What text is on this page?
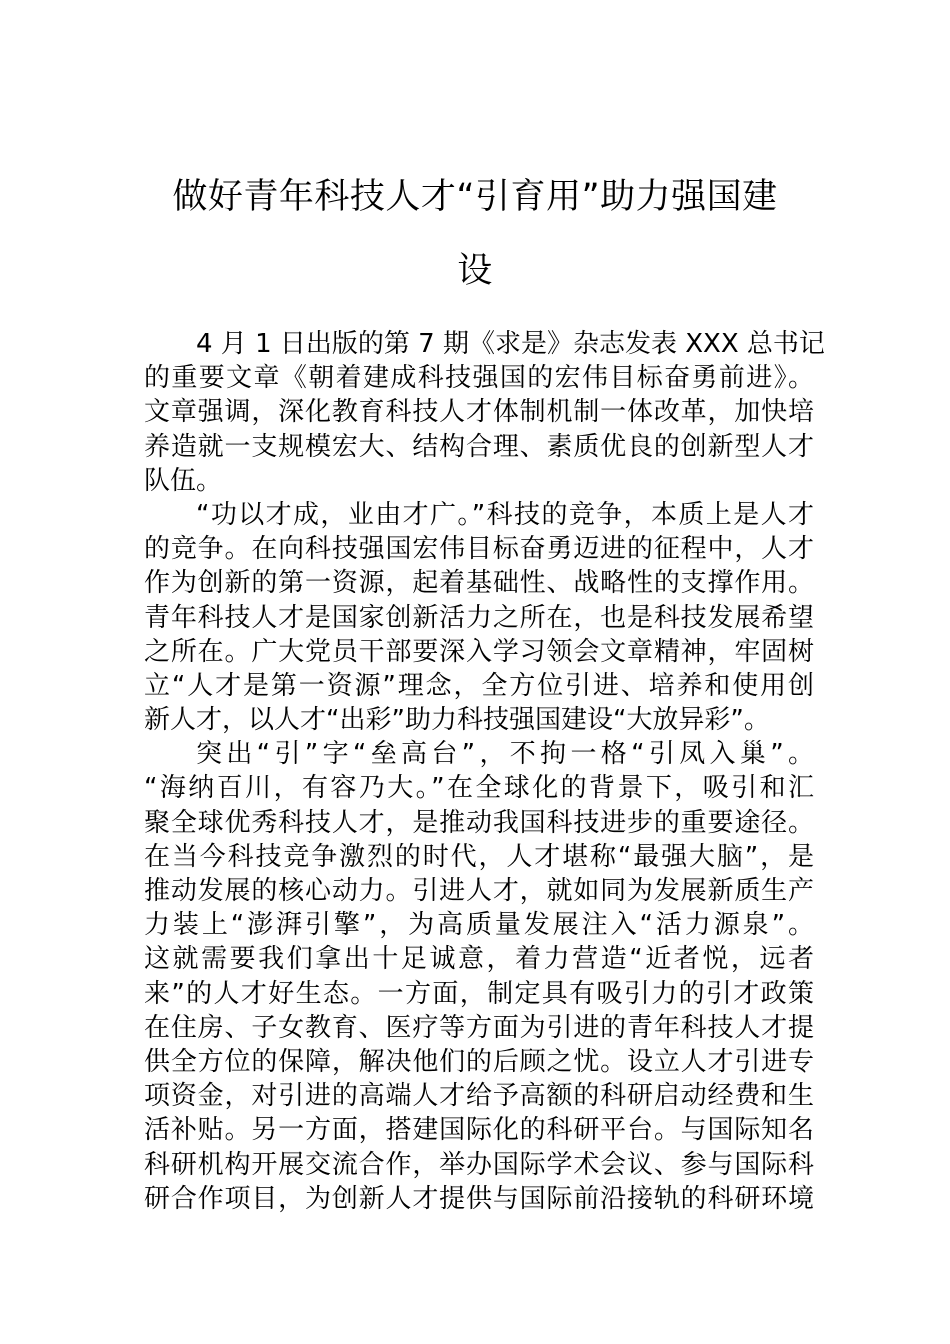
做好青年科技人才“引育用”助力强国建
设
4 月 1 日出版的第 7 期《求是》杂志发表 XXX 总书记
的重要文章《朝着建成科技强国的宏伟目标奋勇前进》。
文章强调，深化教育科技人才体制机制一体改革，加快培
养造就一支规模宏大、结构合理、素质优良的创新型人才
队伍。
“功以才成，业由才广。”科技的竞争，本质上是人才
的竞争。在向科技强国宏伟目标奋勇迈进的征程中，人才
作为创新的第一资源，起着基础性、战略性的支撑作用。
青年科技人才是国家创新活力之所在，也是科技发展希望
之所在。广大党员干部要深入学习领会文章精神，牢固树
立“人才是第一资源”理念，全方位引进、培养和使用创
新人才，以人才“出彩”助力科技强国建设“大放异彩”。
突出“引”字“垒高台”，不拘一格“引凤入巢”。
“海纳百川，有容乃大。”在全球化的背景下，吸引和汇
聚全球优秀科技人才，是推动我国科技进步的重要途径。
在当今科技竞争激烈的时代，人才堪称“最强大脑”，是
推动发展的核心动力。引进人才，就如同为发展新质生产
力装上“澎湃引擎”，为高质量发展注入“活力源泉”。
这就需要我们拿出十足诚意，着力营造“近者悦，远者
来”的人才好生态。一方面，制定具有吸引力的引才政策
在住房、子女教育、医疗等方面为引进的青年科技人才提
供全方位的保障，解决他们的后顾之忧。设立人才引进专
项资金，对引进的高端人才给予高额的科研启动经费和生
活补贴。另一方面，搭建国际化的科研平台。与国际知名
科研机构开展交流合作，举办国际学术会议、参与国际科
研合作项目，为创新人才提供与国际前沿接轨的科研环境
